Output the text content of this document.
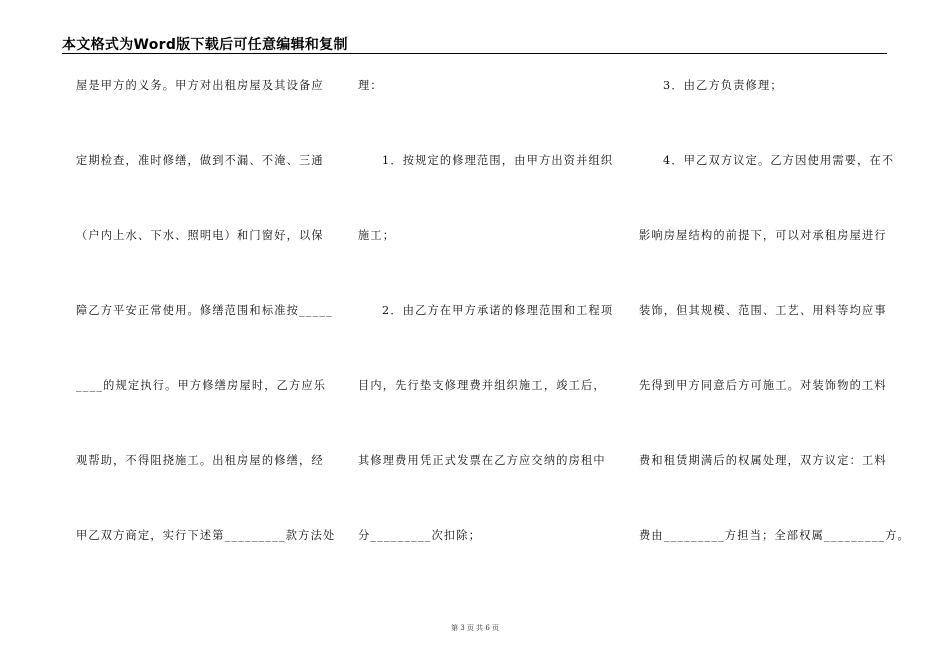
本文格式为Word版下载后可任意编辑和复制
屋是甲方的义务。甲方对出租房屋及其设备应
定期检查，准时修缮，做到不漏、不淹、三通
（户内上水、下水、照明电）和门窗好，以保
障乙方平安正常使用。修缮范围和标准按_____
____的规定执行。甲方修缮房屋时，乙方应乐
观帮助，不得阻挠施工。出租房屋的修缮，经
甲乙双方商定，实行下述第_________款方法处
理：
1．按规定的修理范围，由甲方出资并组织
施工；
2．由乙方在甲方承诺的修理范围和工程项
目内，先行垫支修理费并组织施工，竣工后，
其修理费用凭正式发票在乙方应交纳的房租中
分_________次扣除；
3．由乙方负责修理；
4．甲乙双方议定。乙方因使用需要，在不
影响房屋结构的前提下，可以对承租房屋进行
装饰，但其规模、范围、工艺、用料等均应事
先得到甲方同意后方可施工。对装饰物的工料
费和租赁期满后的权属处理，双方议定：工料
费由_________方担当；全部权属_________方。
第 3 页 共 6 页
